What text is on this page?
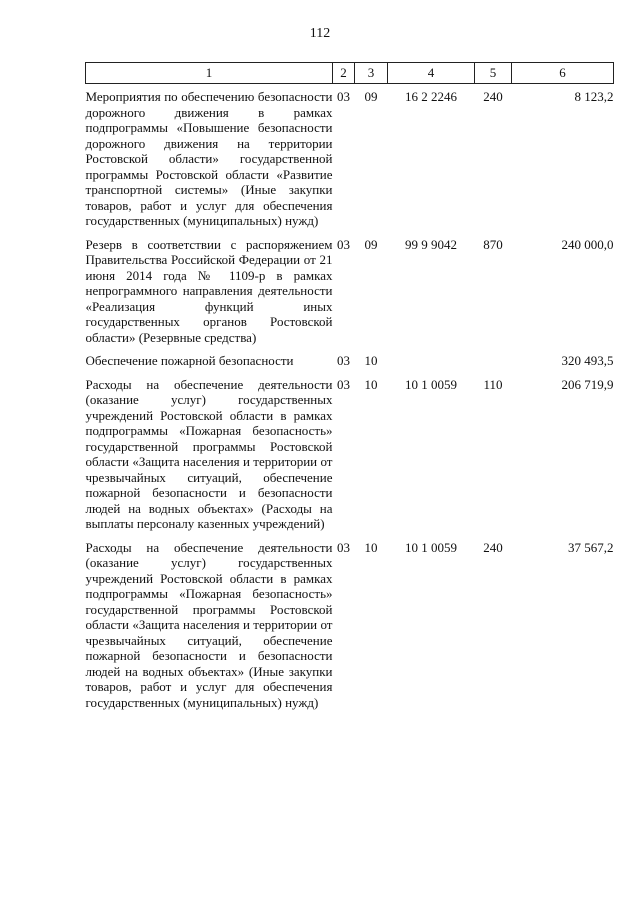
112
1	2	3	4	5	6
Мероприятия по обеспечению безопасности дорожного движения в рамках подпрограммы «Повышение безопасности дорожного движения на территории Ростовской области» государственной программы Ростовской области «Развитие транспортной системы» (Иные закупки товаров, работ и услуг для обеспечения государственных (муниципальных) нужд)	03	09	16 2 2246	240	8 123,2
Резерв в соответствии с распоряжением Правительства Российской Федерации от 21 июня 2014 года № 1109-р в рамках непрограммного направления деятельности «Реализация функций иных государственных органов Ростовской области» (Резервные средства)	03	09	99 9 9042	870	240 000,0
Обеспечение пожарной безопасности	03	10			320 493,5
Расходы на обеспечение деятельности (оказание услуг) государственных учреждений Ростовской области в рамках подпрограммы «Пожарная безопасность» государственной программы Ростовской области «Защита населения и территории от чрезвычайных ситуаций, обеспечение пожарной безопасности и безопасности людей на водных объектах» (Расходы на выплаты персоналу казенных учреждений)	03	10	10 1 0059	110	206 719,9
Расходы на обеспечение деятельности (оказание услуг) государственных учреждений Ростовской области в рамках подпрограммы «Пожарная безопасность» государственной программы Ростовской области «Защита населения и территории от чрезвычайных ситуаций, обеспечение пожарной безопасности и безопасности людей на водных объектах» (Иные закупки товаров, работ и услуг для обеспечения государственных (муниципальных) нужд)	03	10	10 1 0059	240	37 567,2
